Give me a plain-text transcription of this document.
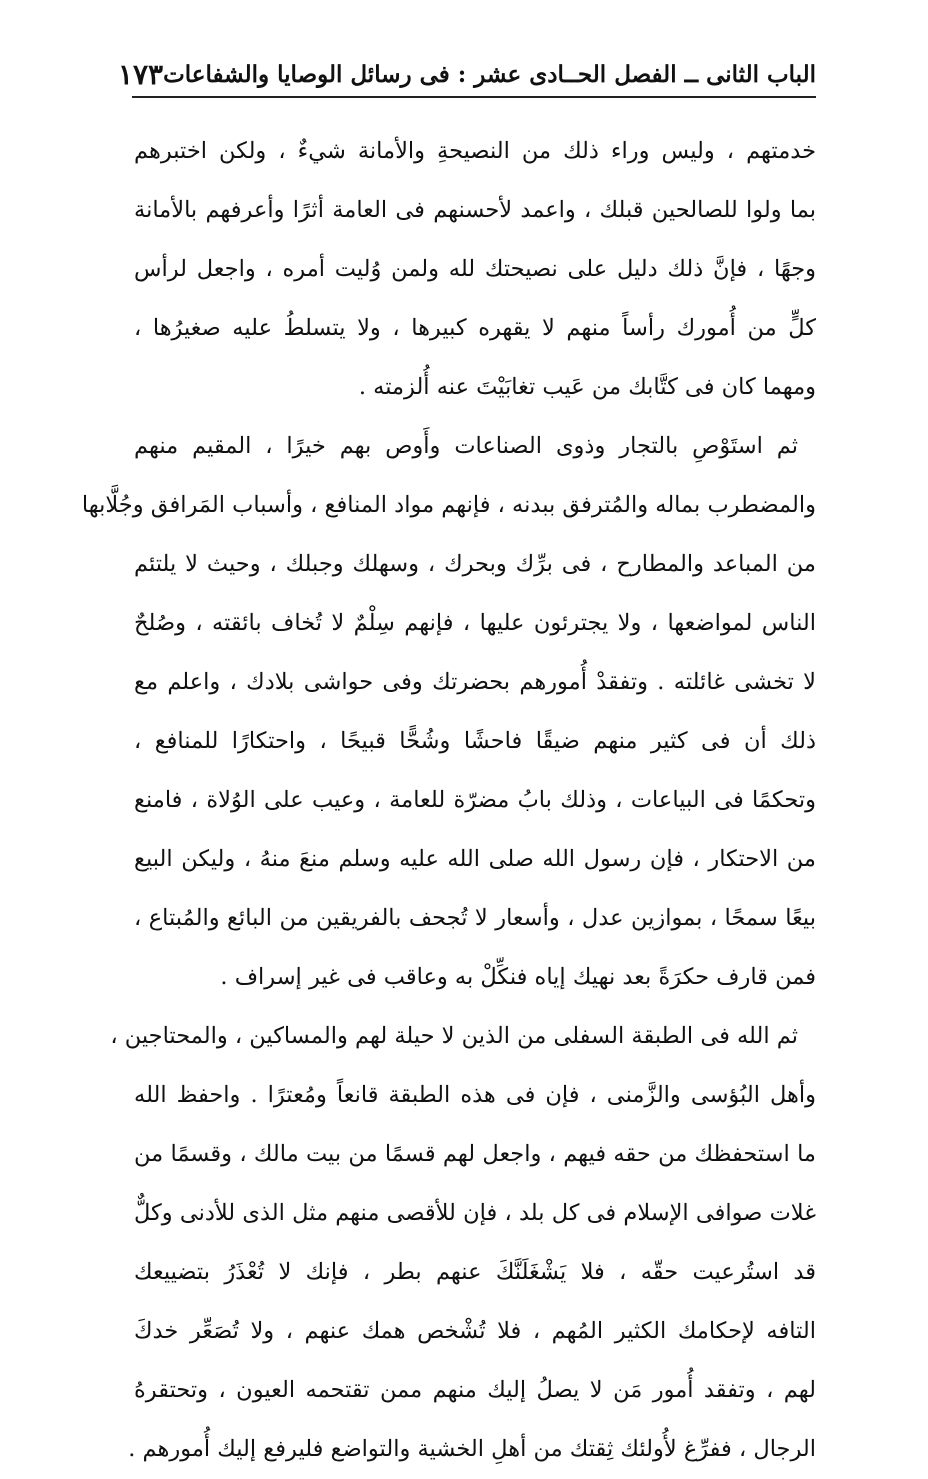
الباب الثانى ــ الفصل الحــادى عشر : فى رسائل الوصايا والشفاعات
١٧٣
خدمتهم ، وليس وراء ذلك من النصيحةِ والأمانة شيءٌ ، ولكن اختبرهم
بما ولوا للصالحين قبلك ، واعمد لأحسنهم فى العامة أثرًا وأعرفهم بالأمانة
وجهًا ، فإنَّ ذلك دليل على نصيحتك لله ولمن وُليت أمره ، واجعل لرأس
كلٍّ من أُمورك رأساً منهم لا يقهره كبيرها ، ولا يتسلطُ عليه صغيرُها ،
ومهما كان فى كتَّابك من عَيب تغابَيْتَ عنه أُلزمته .
ثم استَوْصِ بالتجار وذوى الصناعات وأَوص بهم خيرًا ، المقيم منهم
والمضطرب بماله والمُترفق ببدنه ، فإنهم مواد المنافع ، وأسباب المَرافق وجُلَّابها
من المباعد والمطارح ، فى برِّك وبحرك ، وسهلك وجبلك ، وحيث لا يلتئم
الناس لمواضعها ، ولا يجترئون عليها ، فإنهم سِلْمٌ لا تُخاف بائقته ، وصُلحٌ
لا تخشى غائلته . وتفقدْ أُمورهم بحضرتك وفى حواشى بلادك ، واعلم مع
ذلك أن فى كثير منهم ضيقًا فاحشًا وشُحًّا قبيحًا ، واحتكارًا للمنافع ،
وتحكمًا فى البياعات ، وذلك بابُ مضرّة للعامة ، وعيب على الوُلاة ، فامنع
من الاحتكار ، فإن رسول الله صلى الله عليه وسلم منعَ منهُ ، وليكن البيع
بيعًا سمحًا ، بموازين عدل ، وأسعار لا تُجحف بالفريقين من البائع والمُبتاع ،
فمن قارف حكرَةً بعد نهيك إياه فنكِّلْ به وعاقب فى غير إسراف .
ثم الله فى الطبقة السفلى من الذين لا حيلة لهم والمساكين ، والمحتاجين ،
وأهل البُؤسى والزَّمنى ، فإن فى هذه الطبقة قانعاً ومُعترًا . واحفظ الله
ما استحفظك من حقه فيهم ، واجعل لهم قسمًا من بيت مالك ، وقسمًا من
غلات صوافى الإسلام فى كل بلد ، فإن للأقصى منهم مثل الذى للأدنى وكلٌّ
قد استُرعيت حقّه ، فلا يَشْغَلَنَّكَ عنهم بطر ، فإنك لا تُعْذَرُ بتضييعك
التافه لإحكامك الكثير المُهم ، فلا تُشْخص همك عنهم ، ولا تُصَعِّر خدكَ
لهم ، وتفقد أُمور مَن لا يصلُ إليك منهم ممن تقتحمه العيون ، وتحتقرهُ
الرجال ، ففرِّغ لأُولئك ثِقتك من أهلِ الخشية والتواضع فليرفع إليك أُمورهم .
